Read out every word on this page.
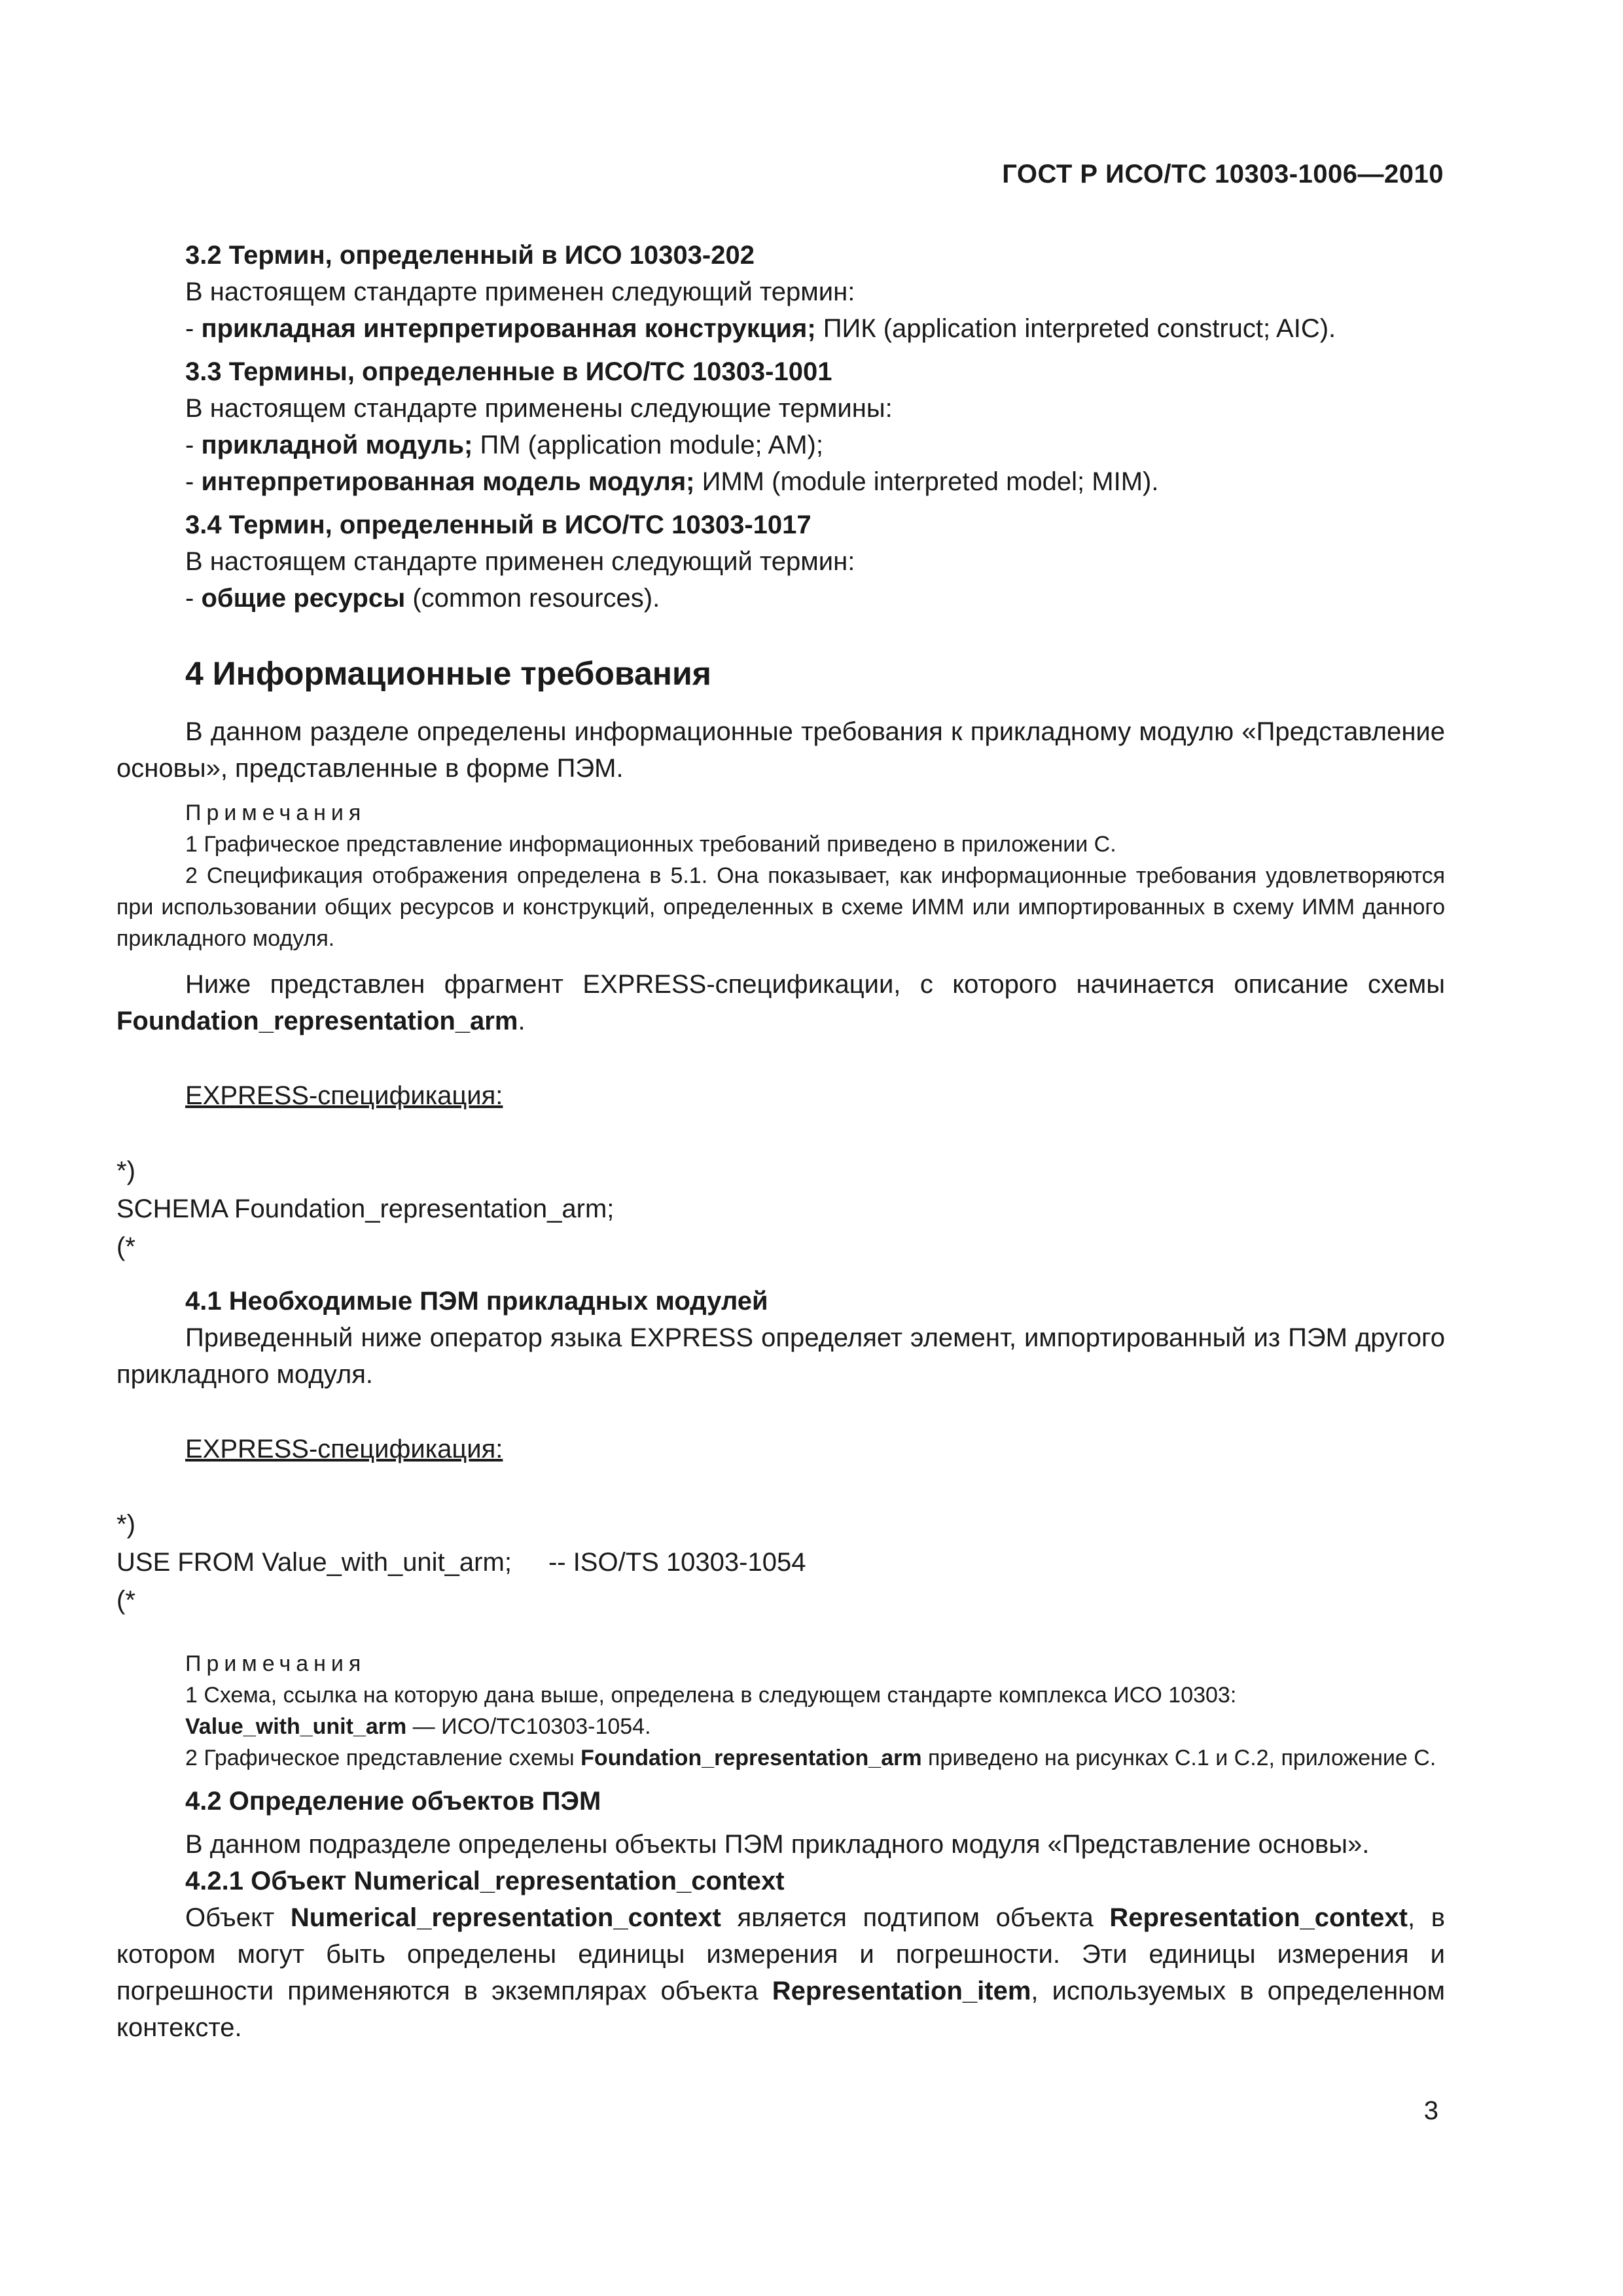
ГОСТ Р ИСО/ТС 10303-1006—2010
3.2 Термин, определенный в ИСО 10303-202
В настоящем стандарте применен следующий термин:
- прикладная интерпретированная конструкция; ПИК (application interpreted construct; AIC).
3.3 Термины, определенные в ИСО/ТС 10303-1001
В настоящем стандарте применены следующие термины:
- прикладной модуль; ПМ (application module; AM);
- интерпретированная модель модуля; ИММ (module interpreted model; MIM).
3.4 Термин, определенный в ИСО/ТС 10303-1017
В настоящем стандарте применен следующий термин:
- общие ресурсы (common resources).
4 Информационные требования
В данном разделе определены информационные требования к прикладному модулю «Представление основы», представленные в форме ПЭМ.
Примечания
1 Графическое представление информационных требований приведено в приложении С.
2 Спецификация отображения определена в 5.1. Она показывает, как информационные требования удовлетворяются при использовании общих ресурсов и конструкций, определенных в схеме ИММ или импортированных в схему ИММ данного прикладного модуля.
Ниже представлен фрагмент EXPRESS-спецификации, с которого начинается описание схемы Foundation_representation_arm.
EXPRESS-спецификация:
*)
SCHEMA Foundation_representation_arm;
(*
4.1 Необходимые ПЭМ прикладных модулей
Приведенный ниже оператор языка EXPRESS определяет элемент, импортированный из ПЭМ другого прикладного модуля.
EXPRESS-спецификация:
*)
USE FROM Value_with_unit_arm; -- ISO/TS 10303-1054
(*
Примечания
1 Схема, ссылка на которую дана выше, определена в следующем стандарте комплекса ИСО 10303:
Value_with_unit_arm — ИСО/ТС10303-1054.
2 Графическое представление схемы Foundation_representation_arm приведено на рисунках С.1 и С.2, приложение С.
4.2 Определение объектов ПЭМ
В данном подразделе определены объекты ПЭМ прикладного модуля «Представление основы».
4.2.1 Объект Numerical_representation_context
Объект Numerical_representation_context является подтипом объекта Representation_context, в котором могут быть определены единицы измерения и погрешности. Эти единицы измерения и погрешности применяются в экземплярах объекта Representation_item, используемых в определенном контексте.
3
